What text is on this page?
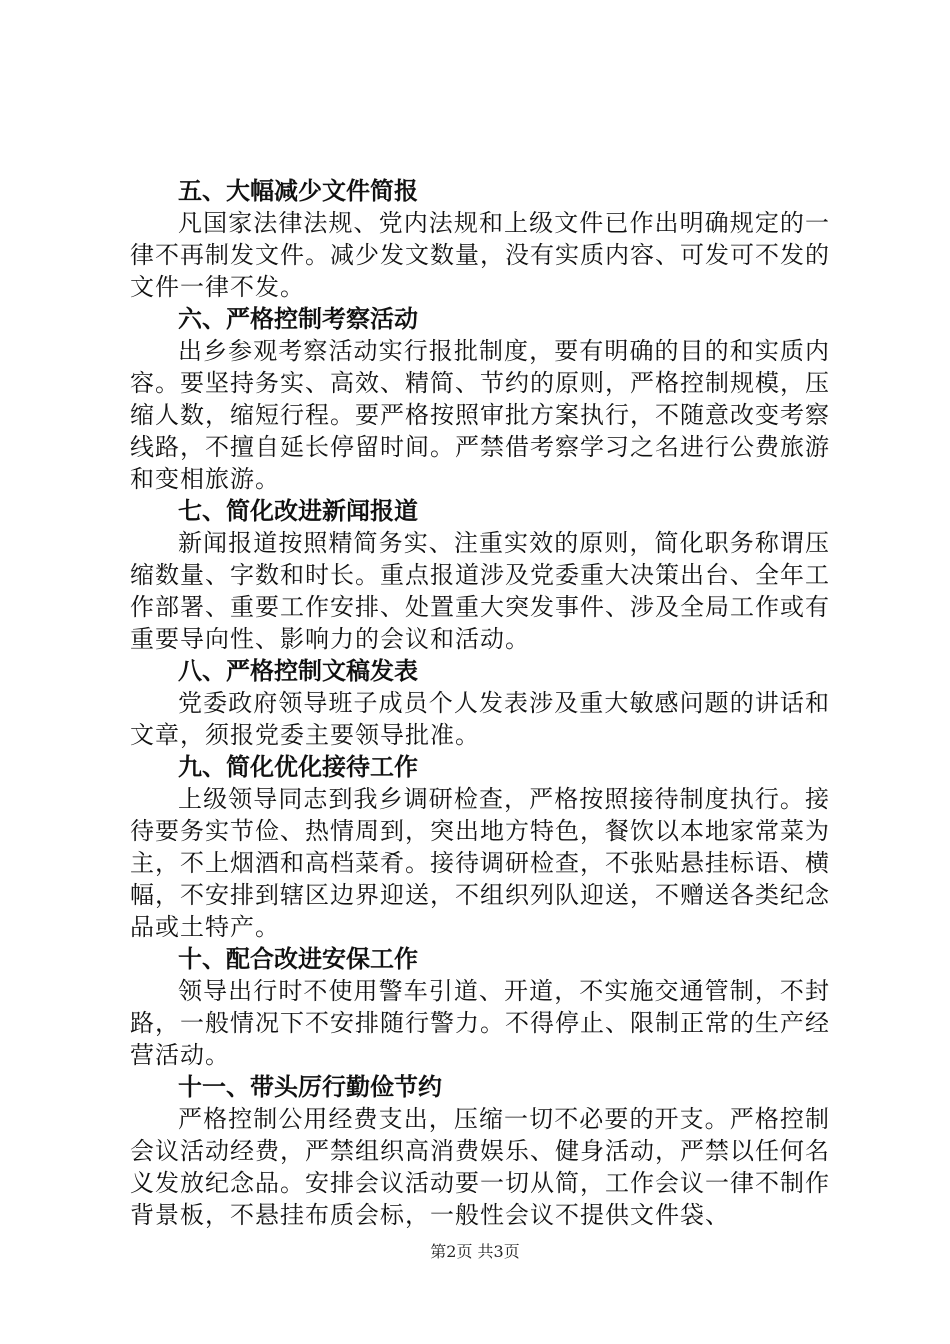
五、大幅减少文件简报

凡国家法律法规、党内法规和上级文件已作出明确规定的一律不再制发文件。减少发文数量，没有实质内容、可发可不发的文件一律不发。

六、严格控制考察活动

出乡参观考察活动实行报批制度，要有明确的目的和实质内容。要坚持务实、高效、精简、节约的原则，严格控制规模，压缩人数，缩短行程。要严格按照审批方案执行，不随意改变考察线路，不擅自延长停留时间。严禁借考察学习之名进行公费旅游和变相旅游。

七、简化改进新闻报道

新闻报道按照精简务实、注重实效的原则，简化职务称谓压缩数量、字数和时长。重点报道涉及党委重大决策出台、全年工作部署、重要工作安排、处置重大突发事件、涉及全局工作或有重要导向性、影响力的会议和活动。

八、严格控制文稿发表

党委政府领导班子成员个人发表涉及重大敏感问题的讲话和文章，须报党委主要领导批准。

九、简化优化接待工作

上级领导同志到我乡调研检查，严格按照接待制度执行。接待要务实节俭、热情周到，突出地方特色，餐饮以本地家常菜为主，不上烟酒和高档菜肴。接待调研检查，不张贴悬挂标语、横幅，不安排到辖区边界迎送，不组织列队迎送，不赠送各类纪念品或土特产。

十、配合改进安保工作

领导出行时不使用警车引道、开道，不实施交通管制，不封路，一般情况下不安排随行警力。不得停止、限制正常的生产经营活动。

十一、带头厉行勤俭节约

严格控制公用经费支出，压缩一切不必要的开支。严格控制会议活动经费，严禁组织高消费娱乐、健身活动，严禁以任何名义发放纪念品。安排会议活动要一切从简，工作会议一律不制作背景板，不悬挂布质会标，一般性会议不提供文件袋、

第2页 共3页
